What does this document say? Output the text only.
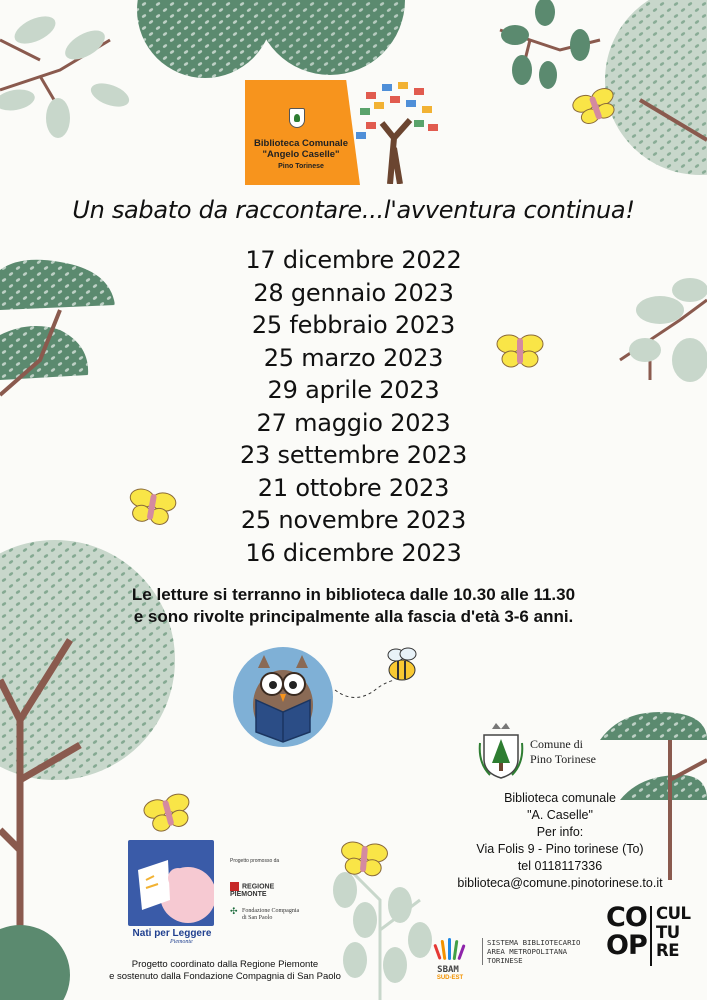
Biblioteca Comunale
"Angelo Caselle"
Pino Torinese
Un sabato da raccontare...l'avventura continua!
17 dicembre 2022
28 gennaio 2023
25 febbraio 2023
25 marzo 2023
29 aprile 2023
27 maggio 2023
23 settembre 2023
21 ottobre 2023
25 novembre 2023
16 dicembre 2023
Le letture si terranno in biblioteca dalle 10.30 alle 11.30
e sono rivolte principalmente alla fascia d'età 3-6 anni.
Comune di
Pino Torinese
Biblioteca comunale
"A. Caselle"
Per info:
Via Folis 9 - Pino torinese (To)
tel 0118117336
biblioteca@comune.pinotorinese.to.it
Nati per Leggere
Piemonte
Progetto promosso da
REGIONE PIEMONTE
✣ Fondazione Compagnia di San Paolo
Progetto coordinato dalla Regione Piemonte
e sostenuto dalla Fondazione Compagnia di San Paolo
SBAM
SUD-EST
SISTEMA BIBLIOTECARIO AREA METROPOLITANA TORINESE
CO OP
CUL TU RE
